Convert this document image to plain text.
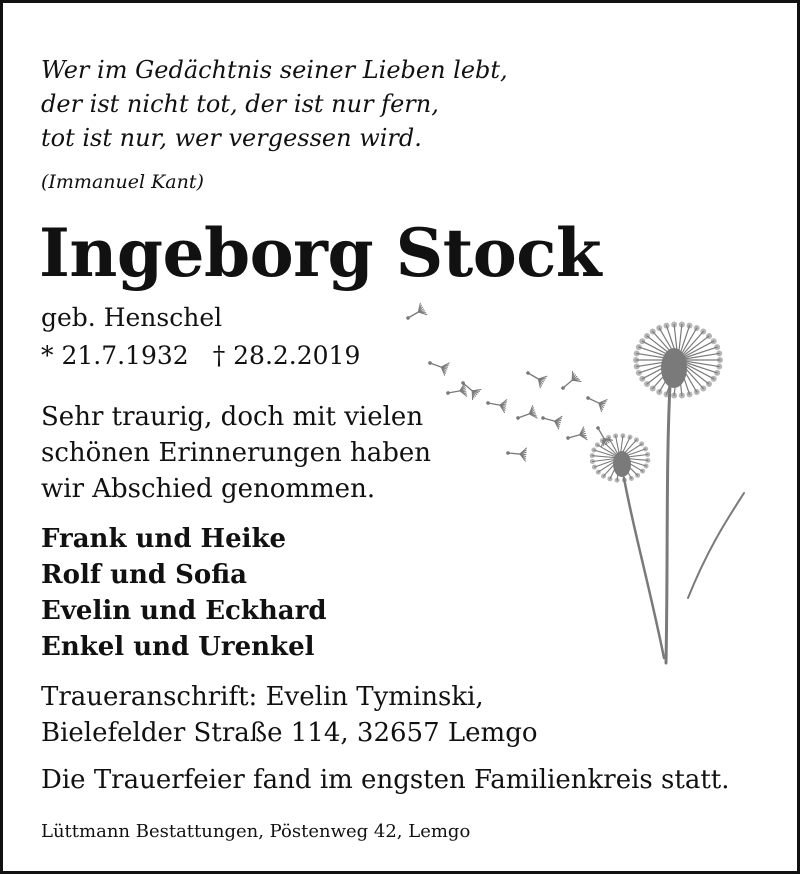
Wer im Gedächtnis seiner Lieben lebt,
der ist nicht tot, der ist nur fern,
tot ist nur, wer vergessen wird.
(Immanuel Kant)
Ingeborg Stock
geb. Henschel
* 21.7.1932 † 28.2.2019
Sehr traurig, doch mit vielen
schönen Erinnerungen haben
wir Abschied genommen.
Frank und Heike
Rolf und Sofia
Evelin und Eckhard
Enkel und Urenkel
Traueranschrift: Evelin Tyminski,
Bielefelder Straße 114, 32657 Lemgo
Die Trauerfeier fand im engsten Familienkreis statt.
Lüttmann Bestattungen, Pöstenweg 42, Lemgo
